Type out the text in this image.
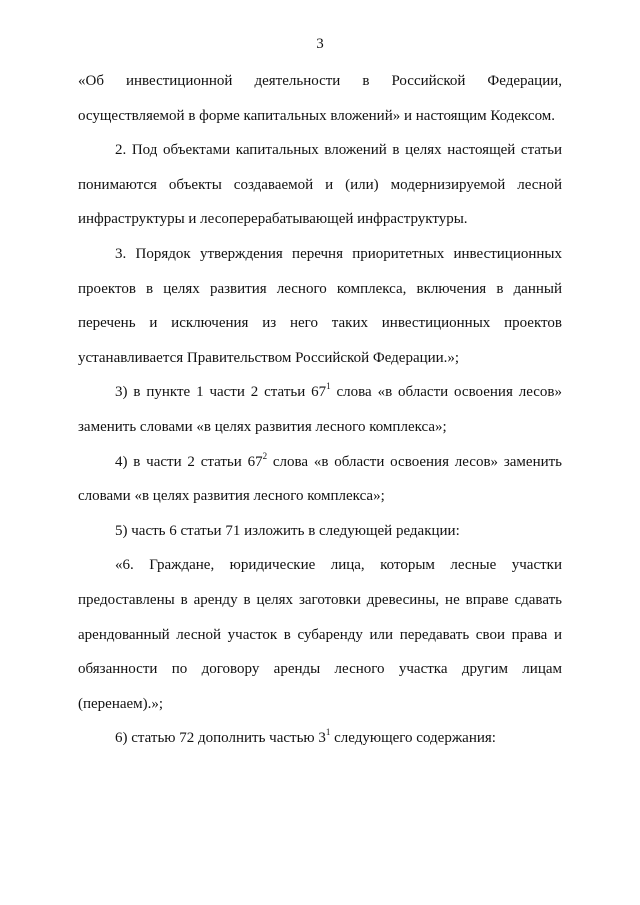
3

«Об инвестиционной деятельности в Российской Федерации, осуществляемой в форме капитальных вложений» и настоящим Кодексом.

2. Под объектами капитальных вложений в целях настоящей статьи понимаются объекты создаваемой и (или) модернизируемой лесной инфраструктуры и лесоперерабатывающей инфраструктуры.

3. Порядок утверждения перечня приоритетных инвестиционных проектов в целях развития лесного комплекса, включения в данный перечень и исключения из него таких инвестиционных проектов устанавливается Правительством Российской Федерации.»;

3) в пункте 1 части 2 статьи $67^1$ слова «в области освоения лесов» заменить словами «в целях развития лесного комплекса»;

4) в части 2 статьи $67^2$ слова «в области освоения лесов» заменить словами «в целях развития лесного комплекса»;

5) часть 6 статьи 71 изложить в следующей редакции:

«6. Граждане, юридические лица, которым лесные участки предоставлены в аренду в целях заготовки древесины, не вправе сдавать арендованный лесной участок в субаренду или передавать свои права и обязанности по договору аренды лесного участка другим лицам (перенаем).»;

6) статью 72 дополнить частью $3^1$ следующего содержания:
